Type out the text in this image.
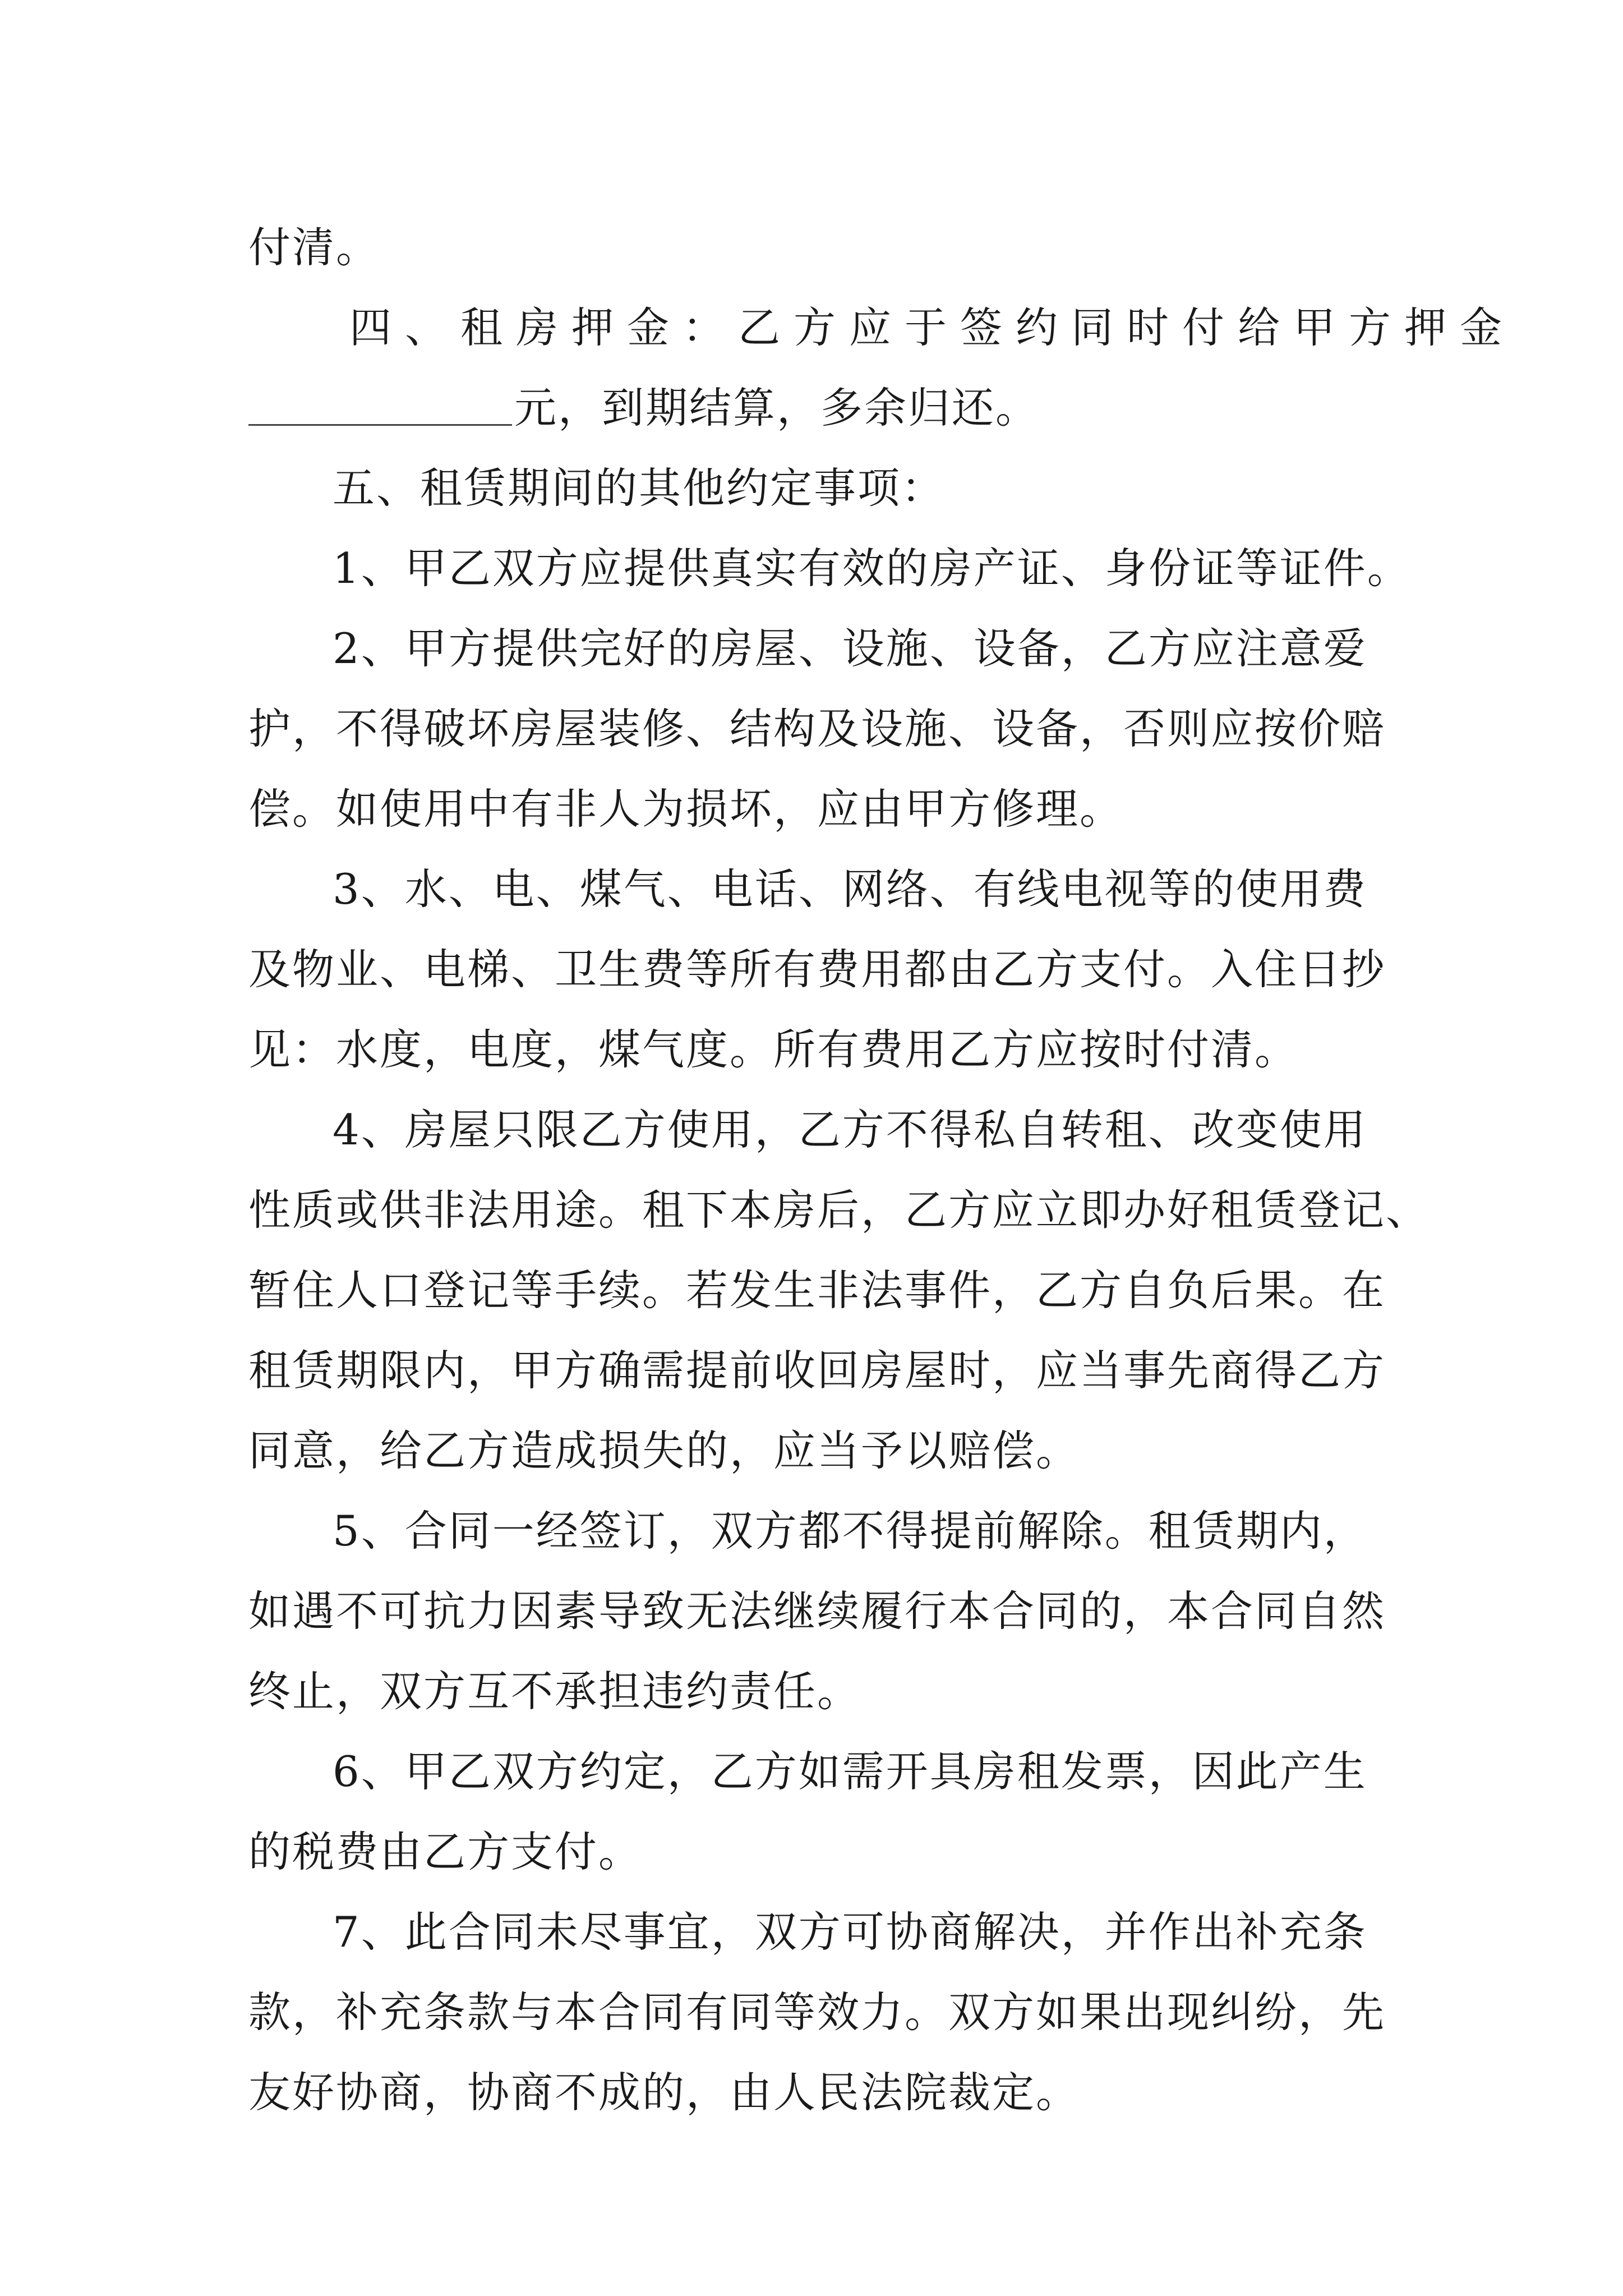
付清。
四、租房押金：乙方应于签约同时付给甲方押金
元，到期结算，多余归还。
五、租赁期间的其他约定事项：
1、甲乙双方应提供真实有效的房产证、身份证等证件。
2、甲方提供完好的房屋、设施、设备，乙方应注意爱
护，不得破坏房屋装修、结构及设施、设备，否则应按价赔
偿。如使用中有非人为损坏，应由甲方修理。
3、水、电、煤气、电话、网络、有线电视等的使用费
及物业、电梯、卫生费等所有费用都由乙方支付。入住日抄
见：水度，电度，煤气度。所有费用乙方应按时付清。
4、房屋只限乙方使用，乙方不得私自转租、改变使用
性质或供非法用途。租下本房后，乙方应立即办好租赁登记、
暂住人口登记等手续。若发生非法事件，乙方自负后果。在
租赁期限内，甲方确需提前收回房屋时，应当事先商得乙方
同意，给乙方造成损失的，应当予以赔偿。
5、合同一经签订，双方都不得提前解除。租赁期内，
如遇不可抗力因素导致无法继续履行本合同的，本合同自然
终止，双方互不承担违约责任。
6、甲乙双方约定，乙方如需开具房租发票，因此产生
的税费由乙方支付。
7、此合同未尽事宜，双方可协商解决，并作出补充条
款，补充条款与本合同有同等效力。双方如果出现纠纷，先
友好协商，协商不成的，由人民法院裁定。
